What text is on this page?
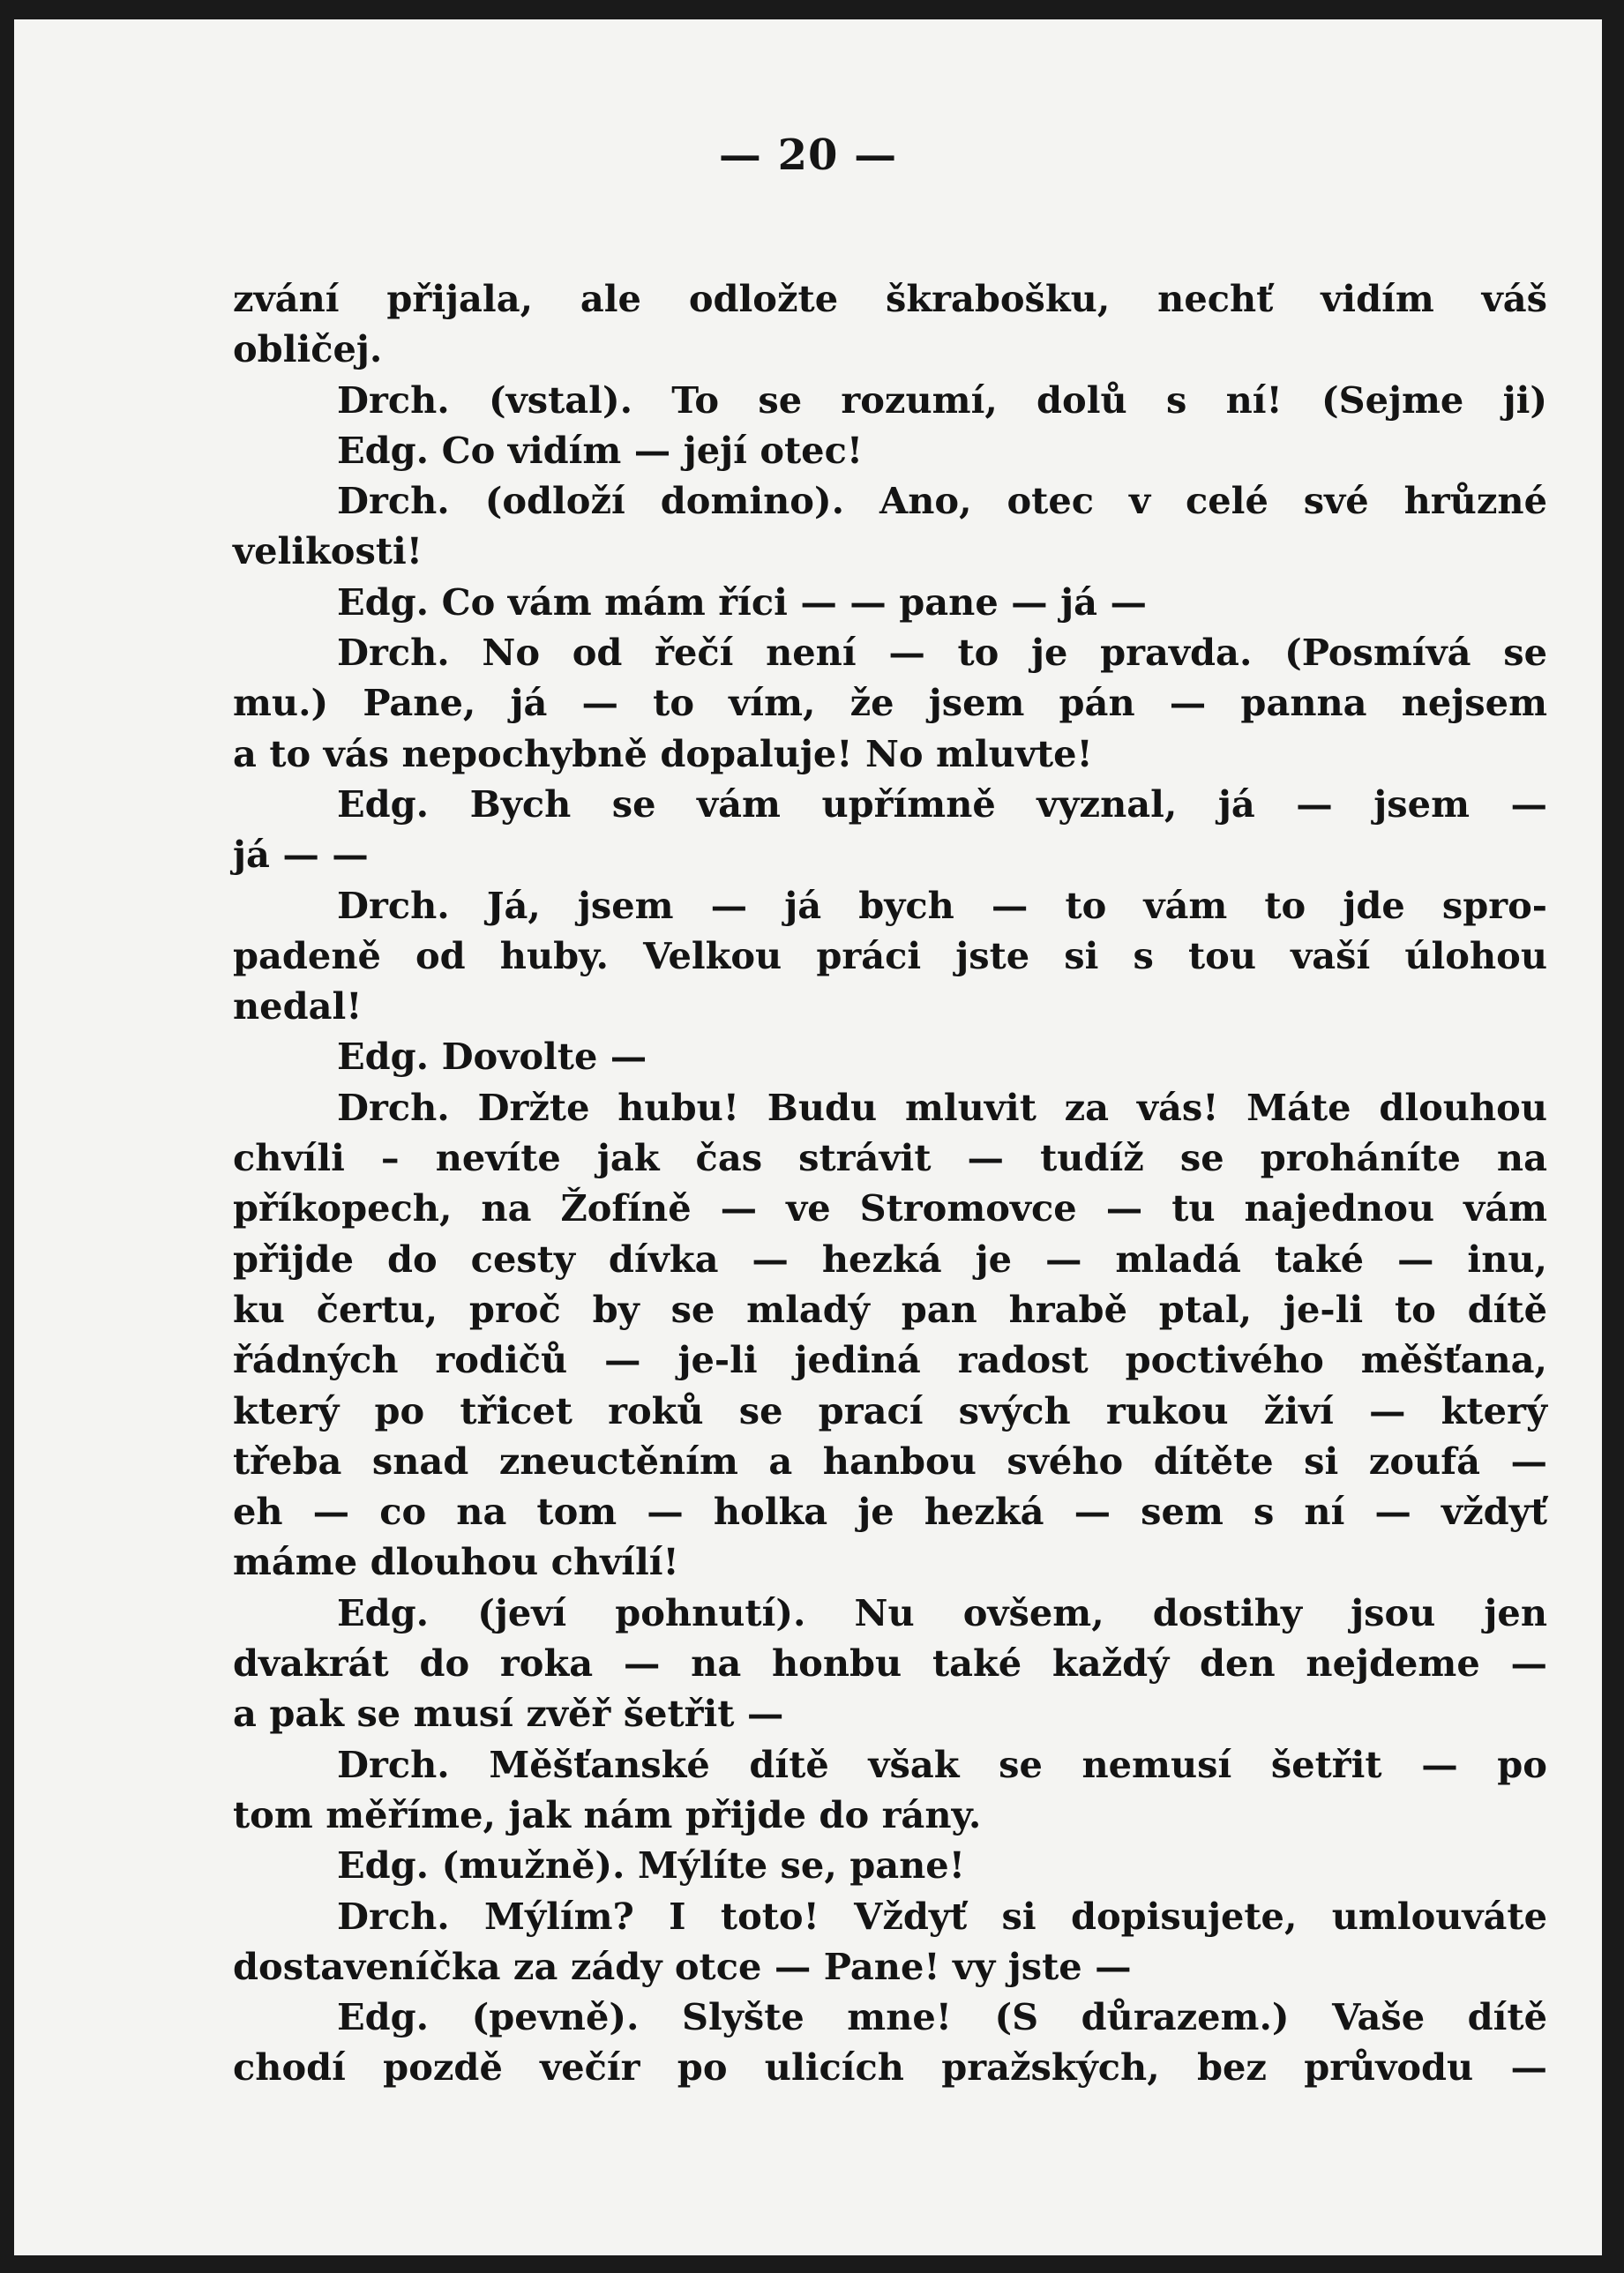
— 20 —
zvání přijala, ale odložte škrabošku, nechť vidím váš
obličej.
Drch. (vstal). To se rozumí, dolů s ní! (Sejme ji)
Edg. Co vidím — její otec!
Drch. (odloží domino). Ano, otec v celé své hrůzné
velikosti!
Edg. Co vám mám říci — — pane — já —
Drch. No od řečí není — to je pravda. (Posmívá se
mu.) Pane, já — to vím, že jsem pán — panna nejsem
a to vás nepochybně dopaluje! No mluvte!
Edg. Bych se vám upřímně vyznal, já — jsem —
já — —
Drch. Já, jsem — já bych — to vám to jde spro-
padeně od huby. Velkou práci jste si s tou vaší úlohou
nedal!
Edg. Dovolte —
Drch. Držte hubu! Budu mluvit za vás! Máte dlouhou
chvíli – nevíte jak čas strávit — tudíž se proháníte na
příkopech, na Žofíně — ve Stromovce — tu najednou vám
přijde do cesty dívka — hezká je — mladá také — inu,
ku čertu, proč by se mladý pan hrabě ptal, je-li to dítě
řádných rodičů — je-li jediná radost poctivého měšťana,
který po třicet roků se prací svých rukou živí — který
třeba snad zneuctěním a hanbou svého dítěte si zoufá —
eh — co na tom — holka je hezká — sem s ní — vždyť
máme dlouhou chvílí!
Edg. (jeví pohnutí). Nu ovšem, dostihy jsou jen
dvakrát do roka — na honbu také každý den nejdeme —
a pak se musí zvěř šetřit —
Drch. Měšťanské dítě však se nemusí šetřit — po
tom měříme, jak nám přijde do rány.
Edg. (mužně). Mýlíte se, pane!
Drch. Mýlím? I toto! Vždyť si dopisujete, umlouváte
dostaveníčka za zády otce — Pane! vy jste —
Edg. (pevně). Slyšte mne! (S důrazem.) Vaše dítě
chodí pozdě večír po ulicích pražských, bez průvodu —
